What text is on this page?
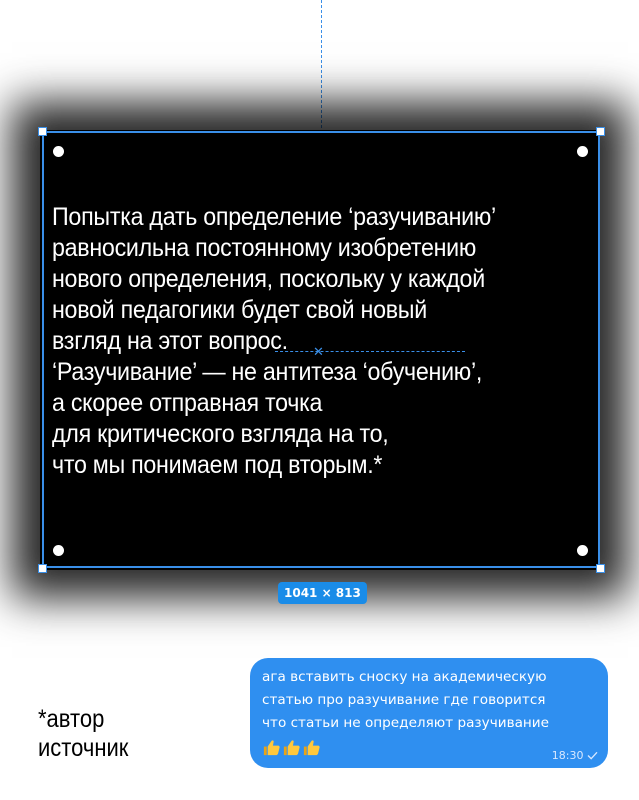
Попытка дать определение ‘разучиванию’
равносильна постоянному изобретению
нового определения, поскольку у каждой
новой педагогики будет свой новый
взгляд на этот вопрос.
‘Разучивание’ — не антитеза ‘обучению’,
а скорее отправная точка
для критического взгляда на то,
что мы понимаем под вторым.*
✕
1041 × 813
*автор
источник
ага вставить сноску на академическую
статью про разучивание где говорится
что статьи не определяют разучивание
18:30
